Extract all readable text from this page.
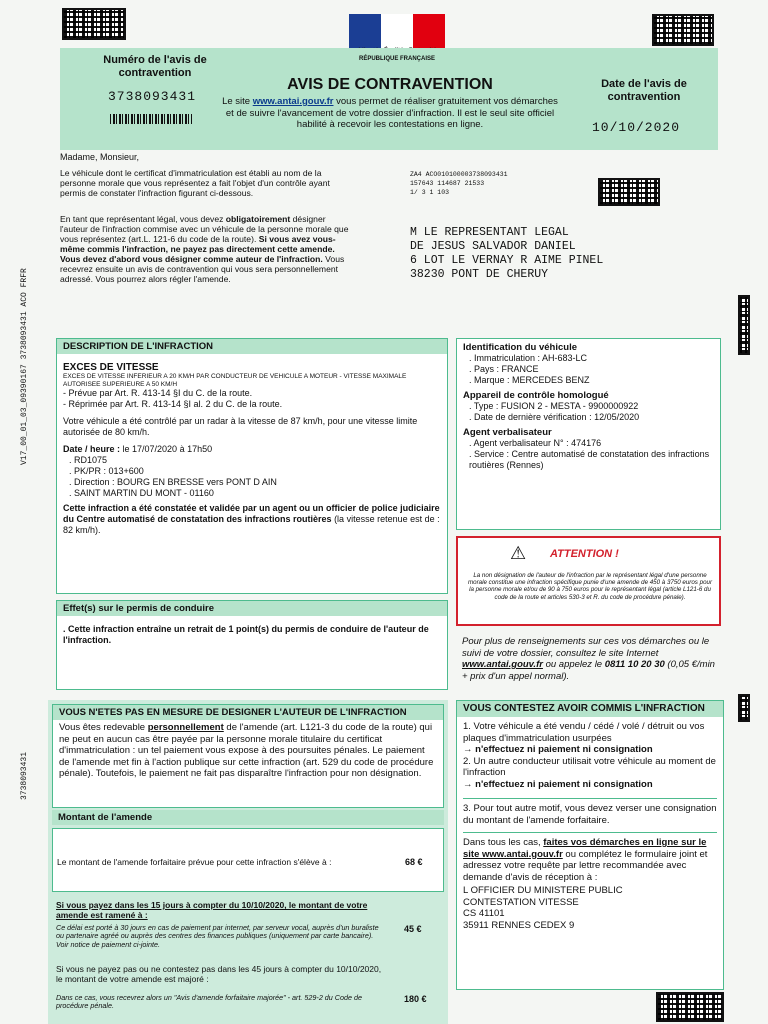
RÉPUBLIQUE FRANÇAISE
Numéro de l'avis de contravention
3738093431
AVIS DE CONTRAVENTION
Le site www.antai.gouv.fr vous permet de réaliser gratuitement vos démarches et de suivre l'avancement de votre dossier d'infraction. Il est le seul site officiel habilité à recevoir les contestations en ligne.
Date de l'avis de contravention
10/10/2020
V17_00_01_03_09390167 3738093431 ACO FRFR
3738093431
Madame, Monsieur,
Le véhicule dont le certificat d'immatriculation est établi au nom de la personne morale que vous représentez a fait l'objet d'un contrôle ayant permis de constater l'infraction figurant ci-dessous.
En tant que représentant légal, vous devez obligatoirement désigner l'auteur de l'infraction commise avec un véhicule de la personne morale que vous représentez (art.L. 121-6 du code de la route). Si vous avez vous-même commis l'infraction, ne payez pas directement cette amende. Vous devez d'abord vous désigner comme auteur de l'infraction. Vous recevrez ensuite un avis de contravention qui vous sera personnellement adressé. Vous pourrez alors régler l'amende.
ZA4 ACO010100003738093431
157643 114687 21533
1/ 3 1 103
M LE REPRESENTANT LEGAL
DE JESUS SALVADOR DANIEL
6 LOT LE VERNAY R AIME PINEL
38230 PONT DE CHERUY
DESCRIPTION DE L'INFRACTION
EXCES DE VITESSE
EXCES DE VITESSE INFERIEUR A 20 KM/H PAR CONDUCTEUR DE VEHICULE A MOTEUR - VITESSE MAXIMALE AUTORISEE SUPERIEURE A 50 KM/H
- Prévue par Art. R. 413-14 §I du C. de la route.
- Réprimée par Art. R. 413-14 §I al. 2 du C. de la route.
Votre véhicule a été contrôlé par un radar à la vitesse de 87 km/h, pour une vitesse limite autorisée de 80 km/h.
Date / heure : le 17/07/2020 à 17h50
. RD1075
. PK/PR : 013+600
. Direction : BOURG EN BRESSE vers PONT D AIN
. SAINT MARTIN DU MONT - 01160
Cette infraction a été constatée et validée par un agent ou un officier de police judiciaire du Centre automatisé de constatation des infractions routières (la vitesse retenue est de : 82 km/h).
Effet(s) sur le permis de conduire
. Cette infraction entraîne un retrait de 1 point(s) du permis de conduire de l'auteur de l'infraction.
Identification du véhicule
. Immatriculation : AH-683-LC
. Pays : FRANCE
. Marque : MERCEDES BENZ
Appareil de contrôle homologué
. Type : FUSION 2 - MESTA - 9900000922
. Date de dernière vérification : 12/05/2020
Agent verbalisateur
. Agent verbalisateur N° : 474176
. Service : Centre automatisé de constatation des infractions routières (Rennes)
⚠ ATTENTION !
La non désignation de l'auteur de l'infraction par le représentant légal d'une personne morale constitue une infraction spécifique punie d'une amende de 450 à 3750 euros pour la personne morale et/ou de 90 à 750 euros pour le représentant légal (article L121-6 du code de la route et articles 530-3 et R. du code de procédure pénale).
Pour plus de renseignements sur ces vos démarches ou le suivi de votre dossier, consultez le site Internet www.antai.gouv.fr ou appelez le 0811 10 20 30 (0,05 €/min + prix d'un appel normal).
VOUS N'ETES PAS EN MESURE DE DESIGNER L'AUTEUR DE L'INFRACTION
Vous êtes redevable personnellement de l'amende (art. L121-3 du code de la route) qui ne peut en aucun cas être payée par la personne morale titulaire du certificat d'immatriculation : un tel paiement vous expose à des poursuites pénales. Le paiement de l'amende met fin à l'action publique sur cette infraction (art. 529 du code de procédure pénale). Toutefois, le paiement ne fait pas disparaître l'infraction pour non désignation.
Montant de l'amende
Le montant de l'amende forfaitaire prévue pour cette infraction s'élève à :	68 €
Si vous payez dans les 15 jours à compter du 10/10/2020, le montant de votre amende est ramené à :
Ce délai est porté à 30 jours en cas de paiement par internet, par serveur vocal, auprès d'un buraliste ou partenaire agréé ou auprès des centres des finances publiques (uniquement par carte bancaire). Voir notice de paiement ci-jointe.
45 €
Si vous ne payez pas ou ne contestez pas dans les 45 jours à compter du 10/10/2020, le montant de votre amende est majoré :
Dans ce cas, vous recevrez alors un "Avis d'amende forfaitaire majorée" - art. 529-2 du Code de procédure pénale.
180 €
VOUS CONTESTEZ AVOIR COMMIS L'INFRACTION
1. Votre véhicule a été vendu / cédé / volé / détruit ou vos plaques d'immatriculation usurpées
→ n'effectuez ni paiement ni consignation
2. Un autre conducteur utilisait votre véhicule au moment de l'infraction
→ n'effectuez ni paiement ni consignation
3. Pour tout autre motif, vous devez verser une consignation du montant de l'amende forfaitaire.
Dans tous les cas, faites vos démarches en ligne sur le site www.antai.gouv.fr ou complétez le formulaire joint et adressez votre requête par lettre recommandée avec demande d'avis de réception à :
L OFFICIER DU MINISTERE PUBLIC
CONTESTATION VITESSE
CS 41101
35911 RENNES CEDEX 9
